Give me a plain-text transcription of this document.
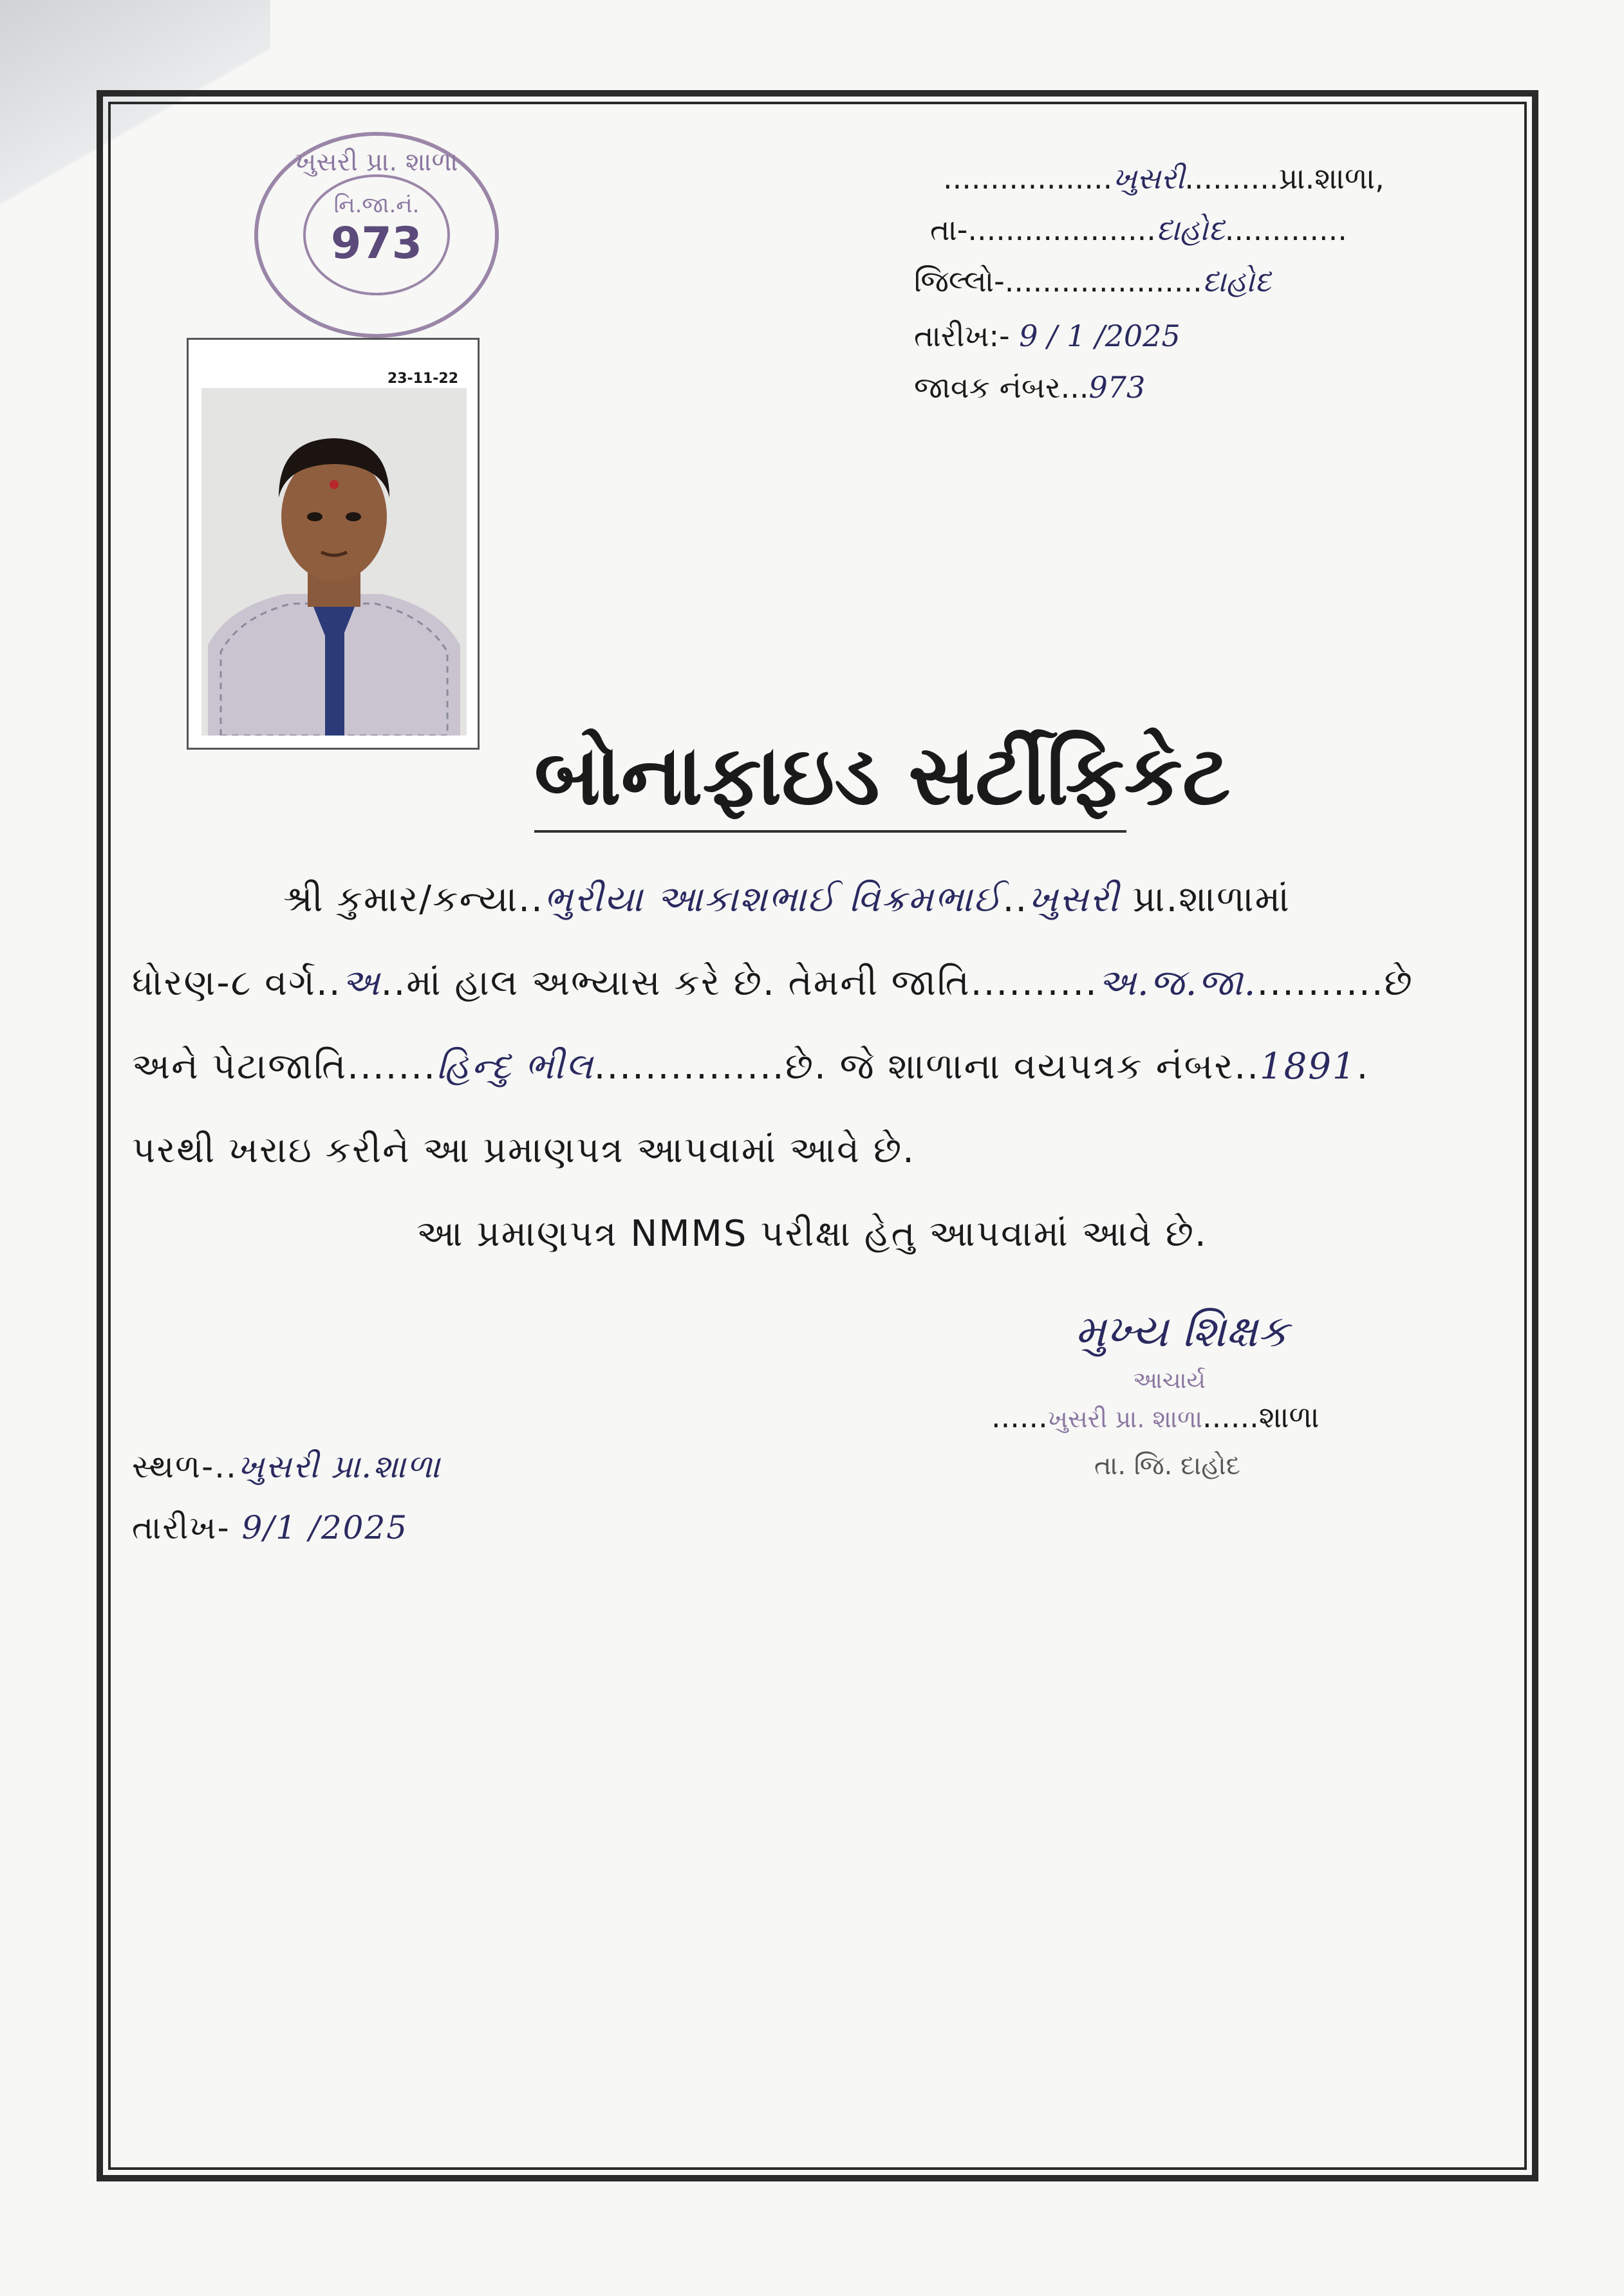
ખુસરી પ્રા. શાળા
નિ.જા.નં.
973
23-11-22
..................ખુસરી..........પ્રા.શાળા,
તા-....................દાહોદ.............
જિલ્લો-.....................દાહોદ
તારીખ:- 9 / 1 /2025
જાવક નંબર...973
બોનાફાઇડ સર્ટીફિકેટ
શ્રી કુમાર/કન્યા..ભુરીયા આકાશભાઈ વિક્રમભાઈ..ખુસરી પ્રા.શાળામાં
ધોરણ-૮ વર્ગ..અ..માં હાલ અભ્યાસ કરે છે. તેમની જાતિ..........અ.જ.જા...........છે
અને પેટાજાતિ.......હિન્દુ ભીલ...............છે. જે શાળાના વયપત્રક નંબર..1891.
પરથી ખરાઇ કરીને આ પ્રમાણપત્ર આપવામાં આવે છે.
આ પ્રમાણપત્ર NMMS પરીક્ષા હેતુ આપવામાં આવે છે.
મુખ્ય શિક્ષક
આચાર્ય
......ખુસરી પ્રા. શાળા......શાળા
તા. જિ. દાહોદ
સ્થળ-..ખુસરી પ્રા.શાળા
તારીખ- 9/1 /2025
